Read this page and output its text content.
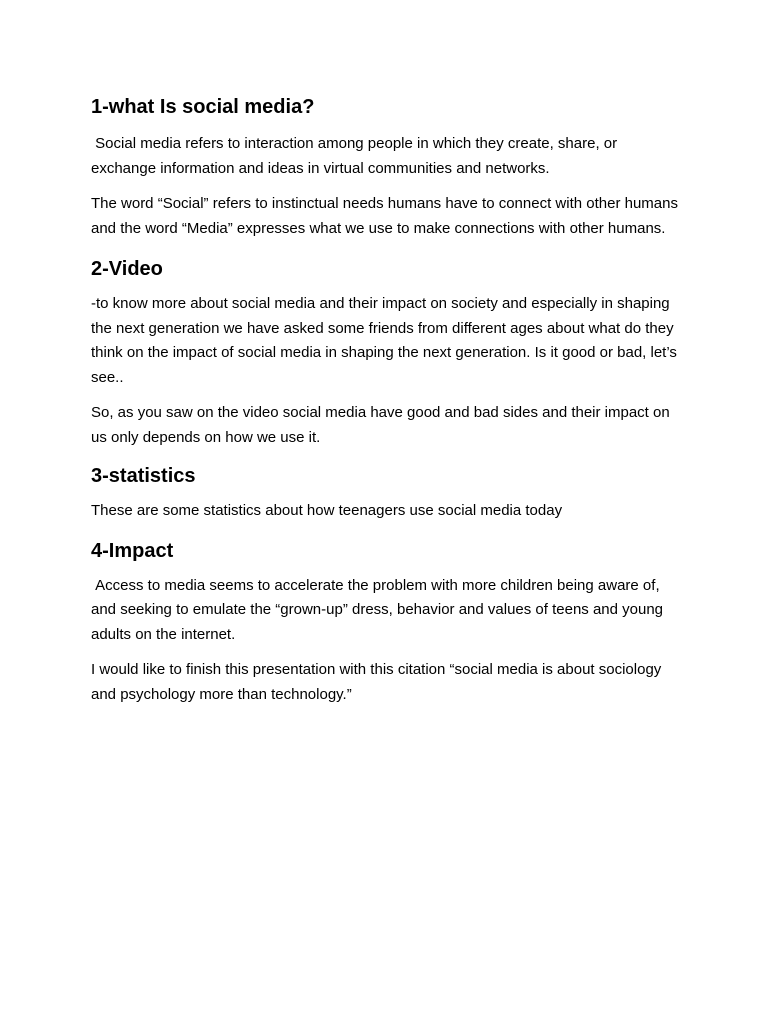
1-what Is social media?

Social media refers to interaction among people in which they create, share, or exchange information and ideas in virtual communities and networks.

The word “Social” refers to instinctual needs humans have to connect with other humans and the word “Media” expresses what we use to make connections with other humans.

2-Video

-to know more about social media and their impact on society and especially in shaping the next generation we have asked some friends from different ages about what do they think on the impact of social media in shaping the next generation. Is it good or bad, let’s see..

So, as you saw on the video social media have good and bad sides and their impact on us only depends on how we use it.

3-statistics

These are some statistics about how teenagers use social media today

4-Impact

Access to media seems to accelerate the problem with more children being aware of, and seeking to emulate the “grown-up” dress, behavior and values of teens and young adults on the internet.

I would like to finish this presentation with this citation “social media is about sociology and psychology more than technology.”
